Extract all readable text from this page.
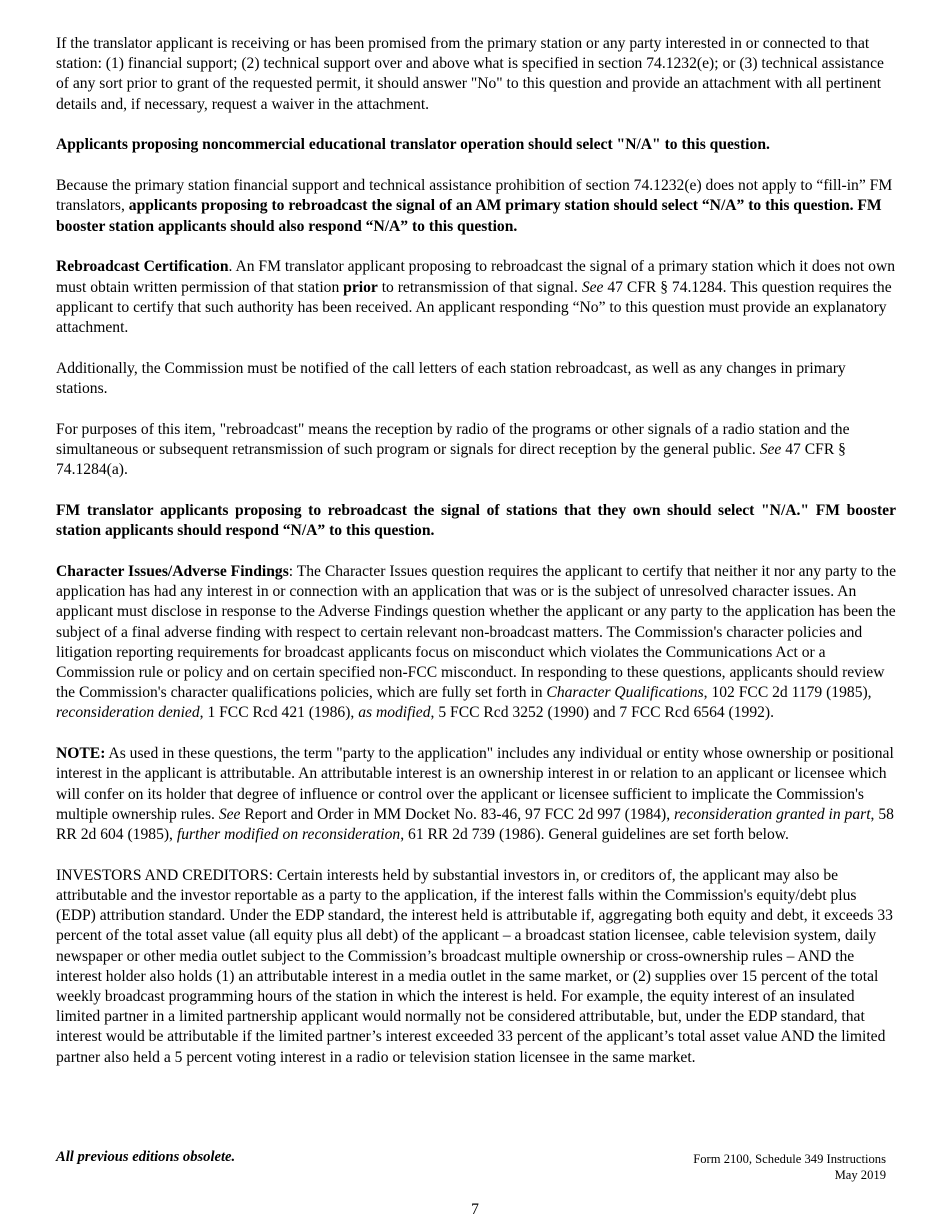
If the translator applicant is receiving or has been promised from the primary station or any party interested in or connected to that station: (1) financial support; (2) technical support over and above what is specified in section 74.1232(e); or (3) technical assistance of any sort prior to grant of the requested permit, it should answer "No" to this question and provide an attachment with all pertinent details and, if necessary, request a waiver in the attachment.

Applicants proposing noncommercial educational translator operation should select "N/A" to this question.

Because the primary station financial support and technical assistance prohibition of section 74.1232(e) does not apply to “fill-in” FM translators, applicants proposing to rebroadcast the signal of an AM primary station should select “N/A” to this question. FM booster station applicants should also respond “N/A” to this question.

Rebroadcast Certification. An FM translator applicant proposing to rebroadcast the signal of a primary station which it does not own must obtain written permission of that station prior to retransmission of that signal. See 47 CFR § 74.1284. This question requires the applicant to certify that such authority has been received. An applicant responding “No” to this question must provide an explanatory attachment.

Additionally, the Commission must be notified of the call letters of each station rebroadcast, as well as any changes in primary stations.

For purposes of this item, "rebroadcast" means the reception by radio of the programs or other signals of a radio station and the simultaneous or subsequent retransmission of such program or signals for direct reception by the general public. See 47 CFR § 74.1284(a).

FM translator applicants proposing to rebroadcast the signal of stations that they own should select "N/A." FM booster station applicants should respond “N/A” to this question.

Character Issues/Adverse Findings: The Character Issues question requires the applicant to certify that neither it nor any party to the application has had any interest in or connection with an application that was or is the subject of unresolved character issues. An applicant must disclose in response to the Adverse Findings question whether the applicant or any party to the application has been the subject of a final adverse finding with respect to certain relevant non-broadcast matters. The Commission's character policies and litigation reporting requirements for broadcast applicants focus on misconduct which violates the Communications Act or a Commission rule or policy and on certain specified non-FCC misconduct. In responding to these questions, applicants should review the Commission's character qualifications policies, which are fully set forth in Character Qualifications, 102 FCC 2d 1179 (1985), reconsideration denied, 1 FCC Rcd 421 (1986), as modified, 5 FCC Rcd 3252 (1990) and 7 FCC Rcd 6564 (1992).

NOTE: As used in these questions, the term "party to the application" includes any individual or entity whose ownership or positional interest in the applicant is attributable. An attributable interest is an ownership interest in or relation to an applicant or licensee which will confer on its holder that degree of influence or control over the applicant or licensee sufficient to implicate the Commission's multiple ownership rules. See Report and Order in MM Docket No. 83-46, 97 FCC 2d 997 (1984), reconsideration granted in part, 58 RR 2d 604 (1985), further modified on reconsideration, 61 RR 2d 739 (1986). General guidelines are set forth below.

INVESTORS AND CREDITORS: Certain interests held by substantial investors in, or creditors of, the applicant may also be attributable and the investor reportable as a party to the application, if the interest falls within the Commission's equity/debt plus (EDP) attribution standard. Under the EDP standard, the interest held is attributable if, aggregating both equity and debt, it exceeds 33 percent of the total asset value (all equity plus all debt) of the applicant – a broadcast station licensee, cable television system, daily newspaper or other media outlet subject to the Commission’s broadcast multiple ownership or cross-ownership rules – AND the interest holder also holds (1) an attributable interest in a media outlet in the same market, or (2) supplies over 15 percent of the total weekly broadcast programming hours of the station in which the interest is held. For example, the equity interest of an insulated limited partner in a limited partnership applicant would normally not be considered attributable, but, under the EDP standard, that interest would be attributable if the limited partner’s interest exceeded 33 percent of the applicant’s total asset value AND the limited partner also held a 5 percent voting interest in a radio or television station licensee in the same market.

All previous editions obsolete.	Form 2100, Schedule 349 Instructions
May 2019
7
